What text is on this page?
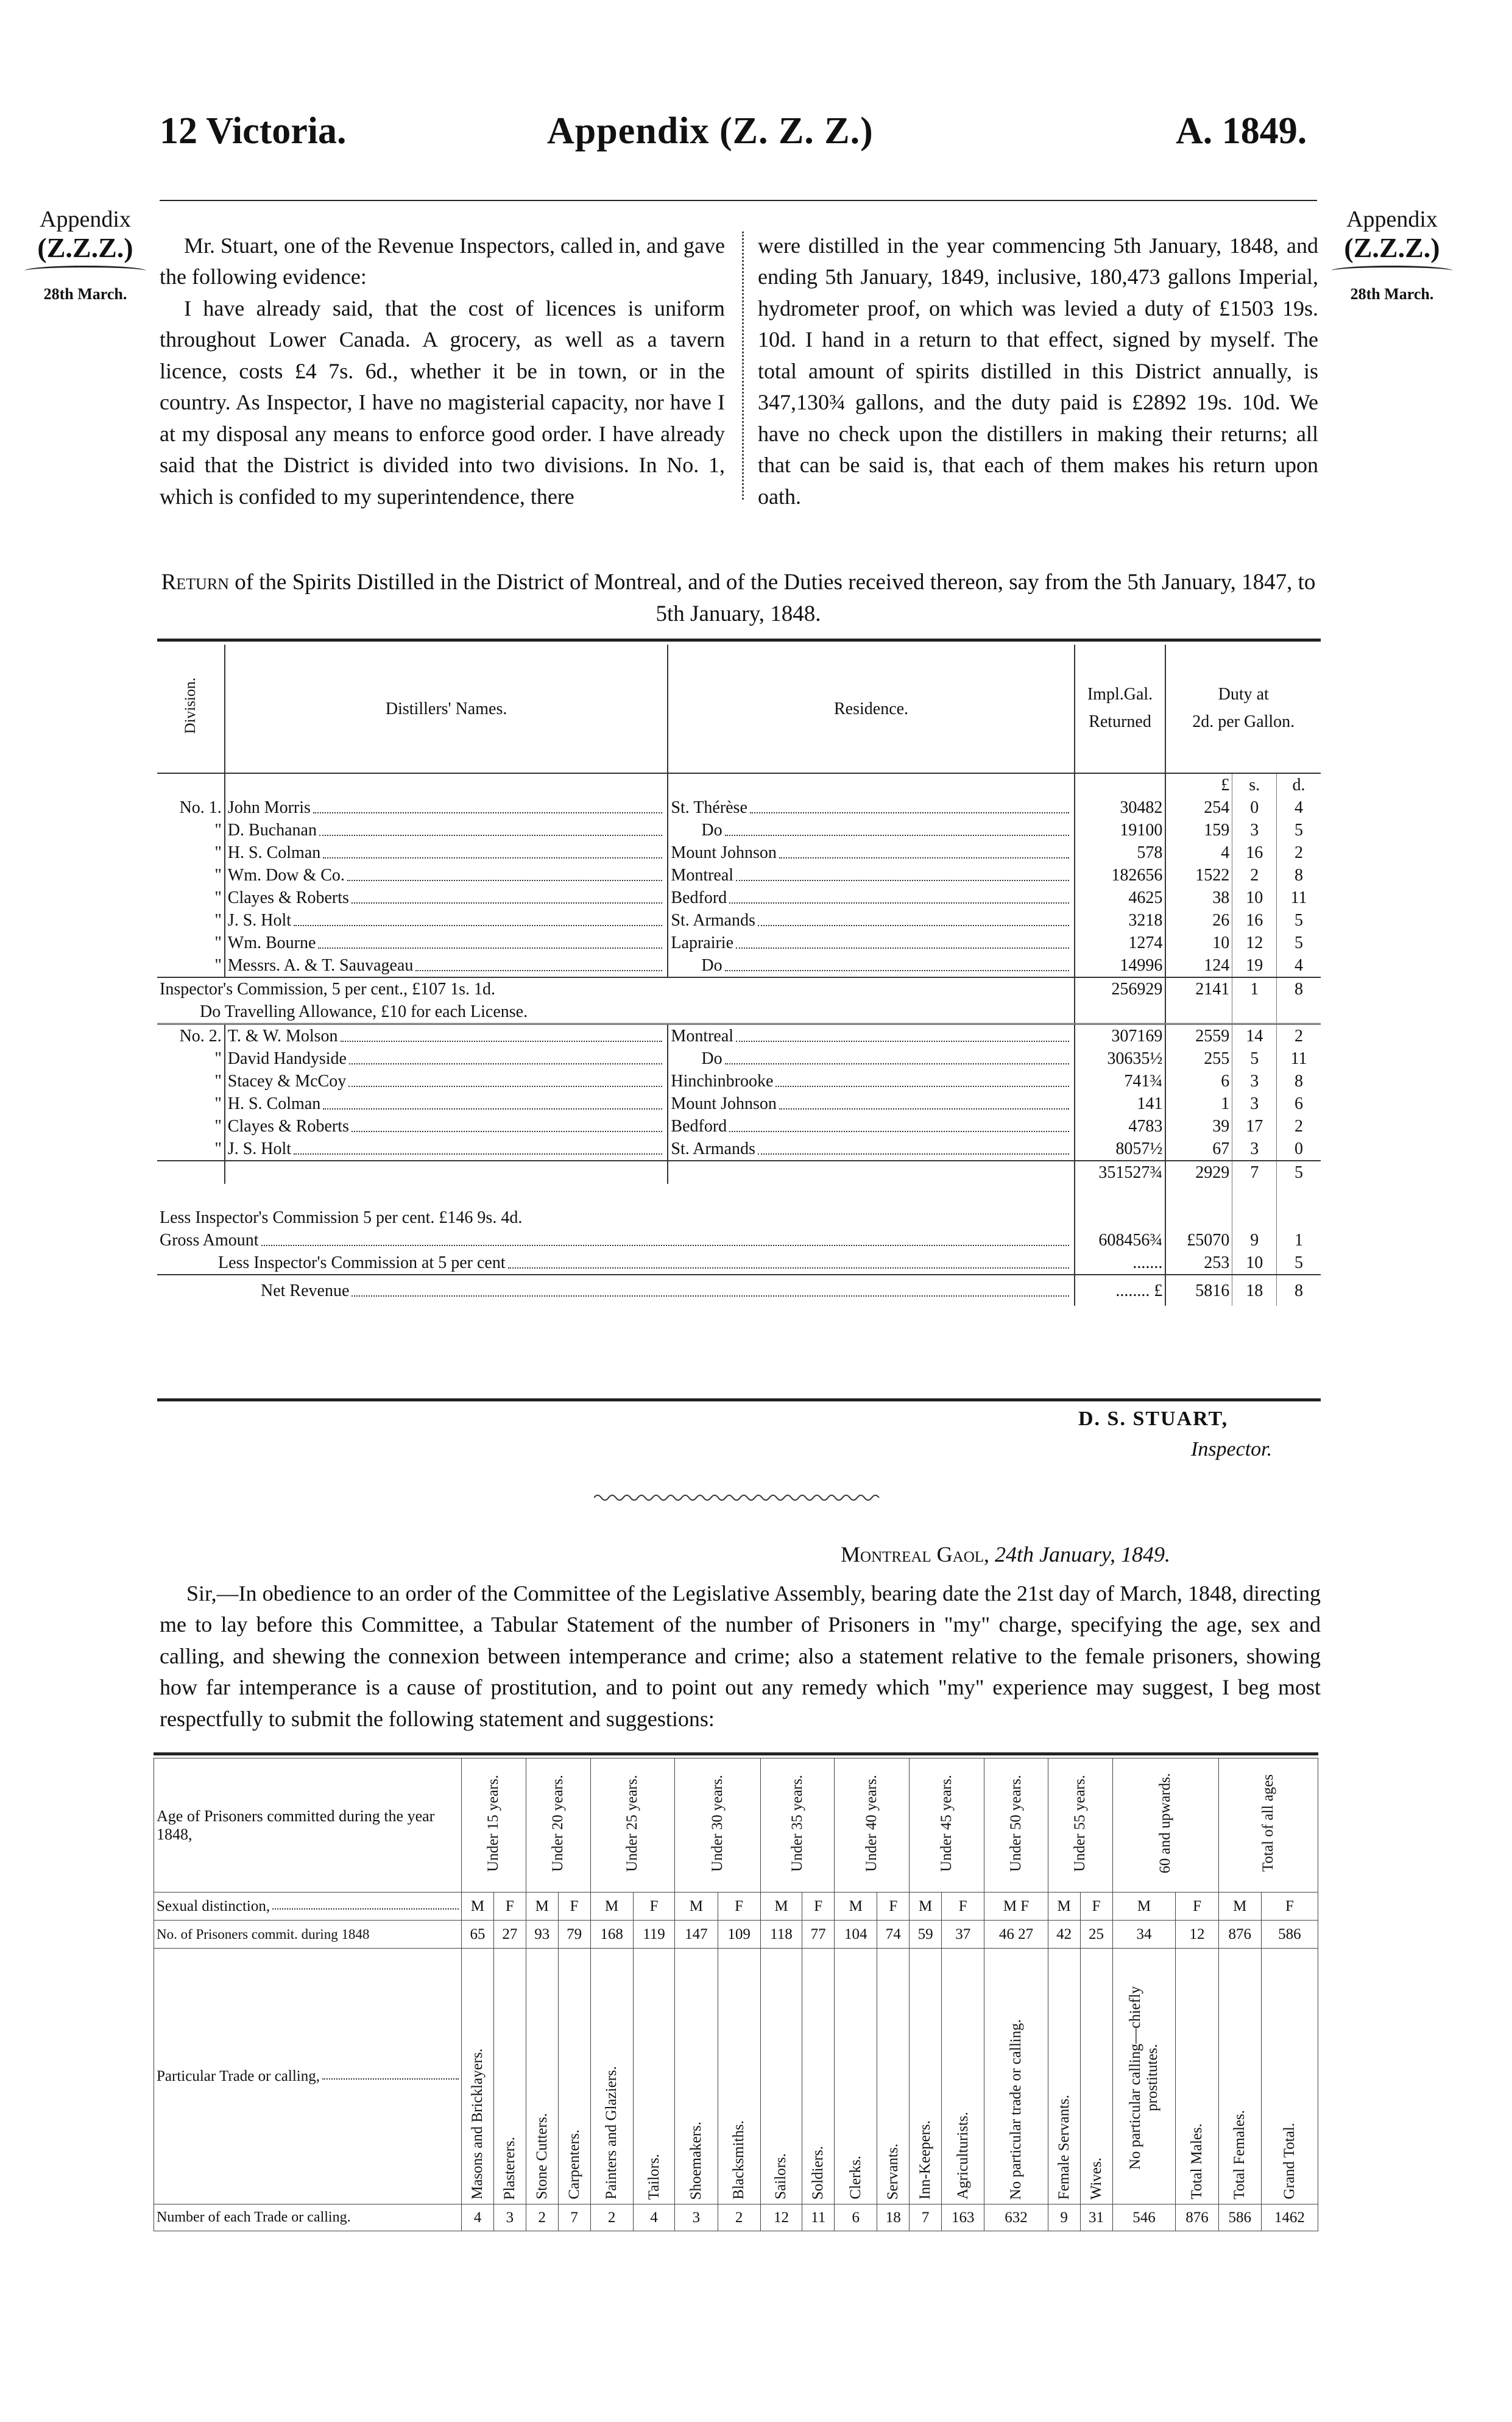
12 Victoria.	Appendix (Z. Z. Z.)	A. 1849.
Appendix
(Z.Z.Z.)
28th March.
Appendix
(Z.Z.Z.)
28th March.

Mr. Stuart, one of the Revenue Inspectors, called in, and gave the following evidence:

I have already said, that the cost of licences is uniform throughout Lower Canada. A grocery, as well as a tavern licence, costs £4 7s. 6d., whether it be in town, or in the country. As Inspector, I have no magisterial capacity, nor have I at my disposal any means to enforce good order. I have already said that the District is divided into two divisions. In No. 1, which is confided to my superintendence, there

were distilled in the year commencing 5th January, 1848, and ending 5th January, 1849, inclusive, 180,473 gallons Imperial, hydrometer proof, on which was levied a duty of £1503 19s. 10d. I hand in a return to that effect, signed by myself. The total amount of spirits distilled in this District annually, is 347,130¾ gallons, and the duty paid is £2892 19s. 10d. We have no check upon the distillers in making their returns; all that can be said is, that each of them makes his return upon oath.

Return of the Spirits Distilled in the District of Montreal, and of the Duties received thereon, say from the 5th January, 1847, to 5th January, 1848.
Division.	Distillers' Names.	Residence.	Impl.Gal.
Returned	Duty at
2d. per Gallon.		
				£	s.	d.
No. 1.	John Morris	St. Thérèse	30482	254	0	4
"	D. Buchanan	Do	19100	159	3	5
"	H. S. Colman	Mount Johnson	578	4	16	2
"	Wm. Dow & Co.	Montreal	182656	1522	2	8
"	Clayes & Roberts	Bedford	4625	38	10	11
"	J. S. Holt	St. Armands	3218	26	16	5
"	Wm. Bourne	Laprairie	1274	10	12	5
"	Messrs. A. & T. Sauvageau	Do	14996	124	19	4
Inspector's Commission, 5 per cent., £107 1s. 1d.			256929	2141	1	8
Do Travelling Allowance, £10 for each License.						
No. 2.	T. & W. Molson	Montreal	307169	2559	14	2
"	David Handyside	Do	30635½	255	5	11
"	Stacey & McCoy	Hinchinbrooke	741¾	6	3	8
"	H. S. Colman	Mount Johnson	141	1	3	6
"	Clayes & Roberts	Bedford	4783	39	17	2
"	J. S. Holt	St. Armands	8057½	67	3	0
			351527¾	2929	7	5

Less Inspector's Commission 5 per cent. £146 9s. 4d.						

Gross Amount			608456¾	£5070	9	1

Less Inspector's Commission at 5 per cent			.......	253	10	5

Net Revenue			........ £	5816	18	8
D. S. STUART,
Inspector.
Montreal Gaol, 24th January, 1849.
Sir,—In obedience to an order of the Committee of the Legislative Assembly, bearing date the 21st day of March, 1848, directing me to lay before this Committee, a Tabular Statement of the number of Prisoners in "my" charge, specifying the age, sex and calling, and shewing the connexion between intemperance and crime; also a statement relative to the female prisoners, showing how far intemperance is a cause of prostitution, and to point out any remedy which "my" experience may suggest, I beg most respectfully to submit the following statement and suggestions:
Age of Prisoners committed during the year 1848,	Under 15 years.		Under 20 years.		Under 25 years.		Under 30 years.		Under 35 years.		Under 40 years.		Under 45 years.		Under 50 years.	Under 55 years.		60 and upwards.		Total of all ages	

Sexual distinction,	M	F	M	F	M	F	M	F	M	F	M	F	M	F	M F	M	F	M	F	M	F
No. of Prisoners commit. during 1848	65	27	93	79	168	119	147	109	118	77	104	74	59	37	46 27	42	25	34	12	876	586

Particular Trade or calling,	Masons and Bricklayers.	Plasterers.	Stone Cutters.	Carpenters.	Painters and Glaziers.	Tailors.	Shoemakers.	Blacksmiths.	Sailors.	Soldiers.	Clerks.	Servants.	Inn-Keepers.	Agriculturists.	No particular trade or calling.	Female Servants.	Wives.	No particular calling—chiefly prostitutes.	Total Males.	Total Females.	Grand Total.
Number of each Trade or calling.	4	3	2	7	2	4	3	2	12	11	6	18	7	163	632	9	31	546	876	586	1462
